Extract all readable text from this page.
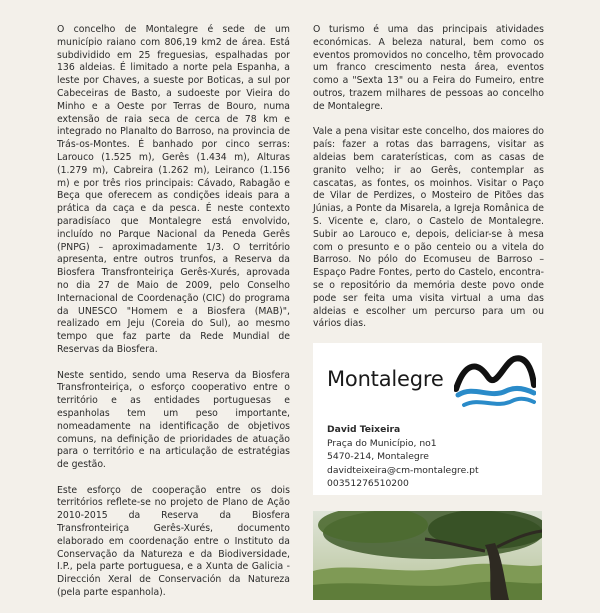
O concelho de Montalegre é sede de um município raiano com 806,19 km2 de área. Está subdividido em 25 freguesias, espalhadas por 136 aldeias. É limitado a norte pela Espanha, a leste por Chaves, a sueste por Boticas, a sul por Cabeceiras de Basto, a sudoeste por Vieira do Minho e a Oeste por Terras de Bouro, numa extensão de raia seca de cerca de 78 km e integrado no Planalto do Barroso, na provincia de Trás-os-Montes. É banhado por cinco serras: Larouco (1.525 m), Gerês (1.434 m), Alturas (1.279 m), Cabreira (1.262 m), Leiranco (1.156 m) e por três rios principais: Cávado, Rabagão e Beça que oferecem as condições ideais para a prática da caça e da pesca. É neste contexto paradisíaco que Montalegre está envolvido, incluído no Parque Nacional da Peneda Gerês (PNPG) – aproximadamente 1/3. O território apresenta, entre outros trunfos, a Reserva da Biosfera Transfronteiriça Gerês-Xurés, aprovada no dia 27 de Maio de 2009, pelo Conselho Internacional de Coordenação (CIC) do programa da UNESCO "Homem e a Biosfera (MAB)", realizado em Jeju (Coreia do Sul), ao mesmo tempo que faz parte da Rede Mundial de Reservas da Biosfera.

Neste sentido, sendo uma Reserva da Biosfera Transfronteiriça, o esforço cooperativo entre o território e as entidades portuguesas e espanholas tem um peso importante, nomeadamente na identificação de objetivos comuns, na definição de prioridades de atuação para o território e na articulação de estratégias de gestão.

Este esforço de cooperação entre os dois territórios reflete-se no projeto de Plano de Ação 2010-2015 da Reserva da Biosfera Transfronteiriça Gerês-Xurés, documento elaborado em coordenação entre o Instituto da Conservação da Natureza e da Biodiversidade, I.P., pela parte portuguesa, e a Xunta de Galicia - Dirección Xeral de Conservación da Natureza (pela parte espanhola).

O turismo é uma das principais atividades económicas. A beleza natural, bem como os eventos promovidos no concelho, têm provocado um franco crescimento nesta área, eventos como a "Sexta 13" ou a Feira do Fumeiro, entre outros, trazem milhares de pessoas ao concelho de Montalegre.

Vale a pena visitar este concelho, dos maiores do país: fazer a rotas das barragens, visitar as aldeias bem caraterísticas, com as casas de granito velho; ir ao Gerês, contemplar as cascatas, as fontes, os moinhos. Visitar o Paço de Vilar de Perdizes, o Mosteiro de Pitões das Júnias, a Ponte da Misarela, a Igreja Românica de S. Vicente e, claro, o Castelo de Montalegre. Subir ao Larouco e, depois, deliciar-se à mesa com o presunto e o pão centeio ou a vitela do Barroso. No pólo do Ecomuseu de Barroso – Espaço Padre Fontes, perto do Castelo, encontra-se o repositório da memória deste povo onde pode ser feita uma visita virtual a uma das aldeias e escolher um percurso para um ou vários dias.

Montalegre
David Teixeira
Praça do Município, no1
5470-214, Montalegre
davidteixeira@cm-montalegre.pt
00351276510200
